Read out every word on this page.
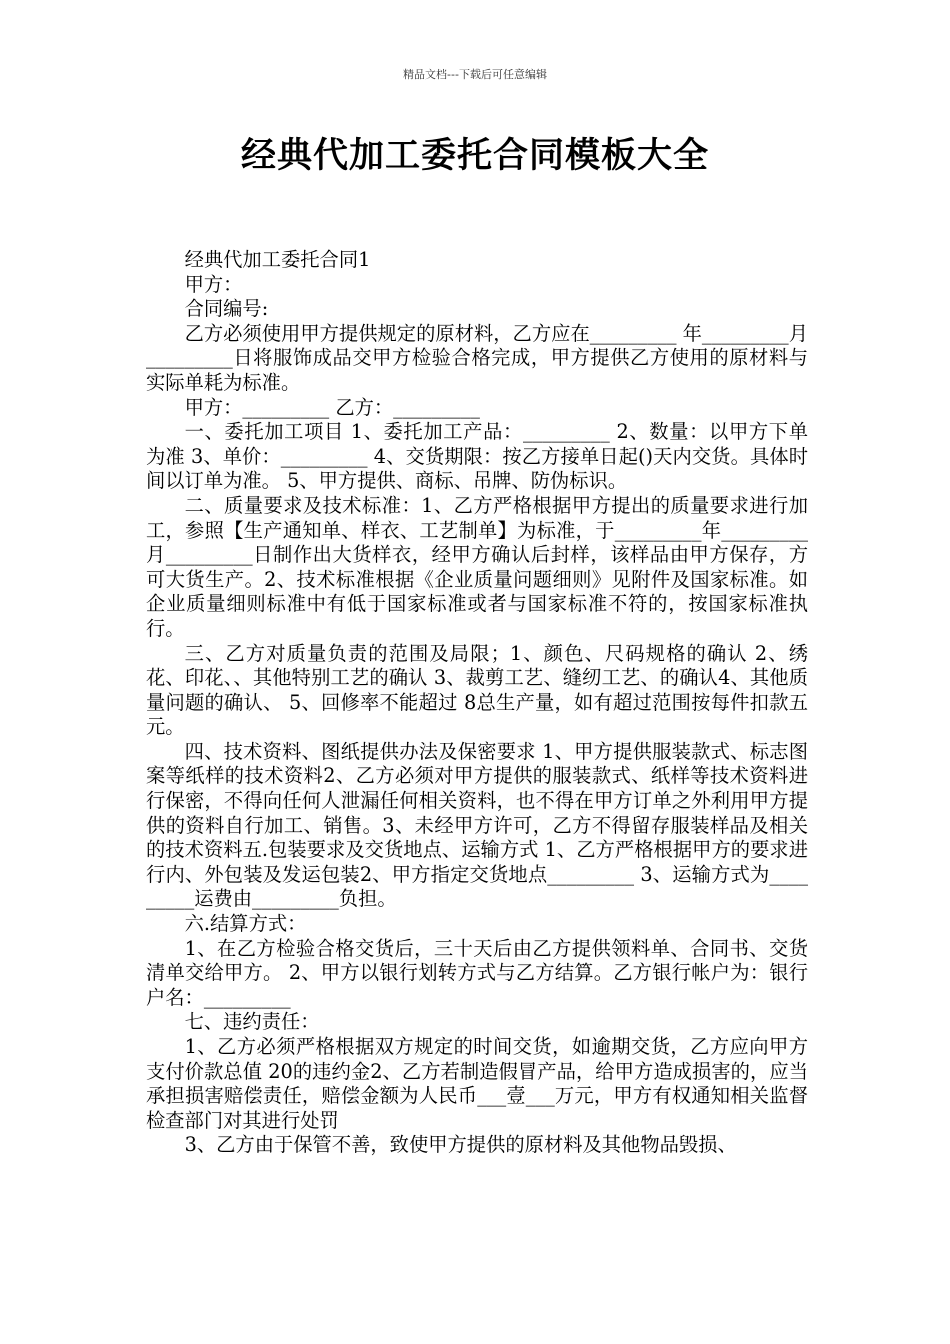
精品文档---下载后可任意编辑
经典代加工委托合同模板大全

经典代加工委托合同1

甲方：

合同编号:

乙方必须使用甲方提供规定的原材料，乙方应在_________ 年_________月_________日将服饰成品交甲方检验合格完成，甲方提供乙方使用的原材料与实际单耗为标准。

甲方：_________ 乙方：_________

一、委托加工项目 1、委托加工产品：_________ 2、数量：以甲方下单为准 3、单价：_________ 4、交货期限：按乙方接单日起()天内交货。具体时间以订单为准。 5、甲方提供、商标、吊牌、防伪标识。

二、质量要求及技术标准：1、乙方严格根据甲方提出的质量要求进行加工，参照【生产通知单、样衣、工艺制单】为标准，于_________年_________月_________日制作出大货样衣，经甲方确认后封样，该样品由甲方保存，方可大货生产。2、技术标准根据《企业质量问题细则》见附件及国家标准。如企业质量细则标准中有低于国家标准或者与国家标准不符的，按国家标准执行。

三、乙方对质量负责的范围及局限；1、颜色、尺码规格的确认 2、绣花、印花、、其他特别工艺的确认 3、裁剪工艺、缝纫工艺、的确认4、其他质量问题的确认、 5、回修率不能超过 8总生产量，如有超过范围按每件扣款五元。

四、技术资料、图纸提供办法及保密要求 1、甲方提供服装款式、标志图案等纸样的技术资料2、乙方必须对甲方提供的服装款式、纸样等技术资料进行保密，不得向任何人泄漏任何相关资料，也不得在甲方订单之外利用甲方提供的资料自行加工、销售。3、未经甲方许可，乙方不得留存服装样品及相关的技术资料五.包装要求及交货地点、运输方式 1、乙方严格根据甲方的要求进行内、外包装及发运包装2、甲方指定交货地点_________ 3、运输方式为_________运费由_________负担。

六.结算方式：

1、在乙方检验合格交货后，三十天后由乙方提供领料单、合同书、交货清单交给甲方。 2、甲方以银行划转方式与乙方结算。乙方银行帐户为：银行户名：_________

七、违约责任：

1、乙方必须严格根据双方规定的时间交货，如逾期交货，乙方应向甲方支付价款总值 20的违约金2、乙方若制造假冒产品，给甲方造成损害的，应当承担损害赔偿责任，赔偿金额为人民币___壹___万元，甲方有权通知相关监督检查部门对其进行处罚

3、乙方由于保管不善，致使甲方提供的原材料及其他物品毁损、
